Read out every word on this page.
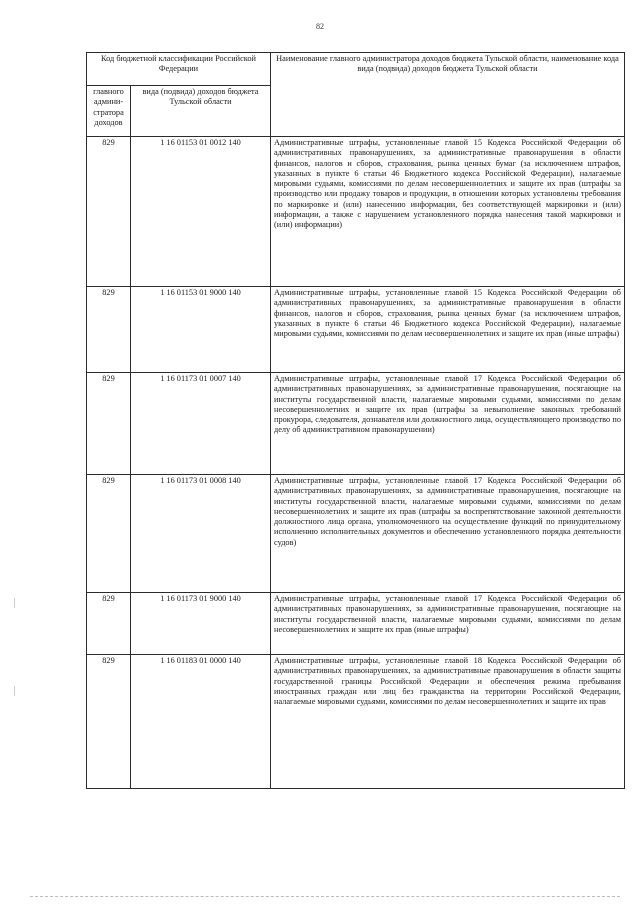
82
Код бюджетной классификации Российской Федерации		Наименование главного администратора доходов бюджета Тульской области, наименование кода вида (подвида) доходов бюджета Тульской области
главного админи-стратора доходов	вида (подвида) доходов бюджета Тульской области	
829	1 16 01153 01 0012 140	Административные штрафы, установленные главой 15 Кодекса Российской Федерации об административных правонарушениях, за административные правонарушения в области финансов, налогов и сборов, страхования, рынка ценных бумаг (за исключением штрафов, указанных в пункте 6 статьи 46 Бюджетного кодекса Российской Федерации), налагаемые мировыми судьями, комиссиями по делам несовершеннолетних и защите их прав (штрафы за производство или продажу товаров и продукции, в отношении которых установлены требования по маркировке и (или) нанесению информации, без соответствующей маркировки и (или) информации, а также с нарушением установленного порядка нанесения такой маркировки и (или) информации)
829	1 16 01153 01 9000 140	Административные штрафы, установленные главой 15 Кодекса Российской Федерации об административных правонарушениях, за административные правонарушения в области финансов, налогов и сборов, страхования, рынка ценных бумаг (за исключением штрафов, указанных в пункте 6 статьи 46 Бюджетного кодекса Российской Федерации), налагаемые мировыми судьями, комиссиями по делам несовершеннолетних и защите их прав (иные штрафы)
829	1 16 01173 01 0007 140	Административные штрафы, установленные главой 17 Кодекса Российской Федерации об административных правонарушениях, за административные правонарушения, посягающие на институты государственной власти, налагаемые мировыми судьями, комиссиями по делам несовершеннолетних и защите их прав (штрафы за невыполнение законных требований прокурора, следователя, дознавателя или должностного лица, осуществляющего производство по делу об административном правонарушении)
829	1 16 01173 01 0008 140	Административные штрафы, установленные главой 17 Кодекса Российской Федерации об административных правонарушениях, за административные правонарушения, посягающие на институты государственной власти, налагаемые мировыми судьями, комиссиями по делам несовершеннолетних и защите их прав (штрафы за воспрепятствование законной деятельности должностного лица органа, уполномоченного на осуществление функций по принудительному исполнению исполнительных документов и обеспечению установленного порядка деятельности судов)
829	1 16 01173 01 9000 140	Административные штрафы, установленные главой 17 Кодекса Российской Федерации об административных правонарушениях, за административные правонарушения, посягающие на институты государственной власти, налагаемые мировыми судьями, комиссиями по делам несовершеннолетних и защите их прав (иные штрафы)
829	1 16 01183 01 0000 140	Административные штрафы, установленные главой 18 Кодекса Российской Федерации об административных правонарушениях, за административные правонарушения в области защиты государственной границы Российской Федерации и обеспечения режима пребывания иностранных граждан или лиц без гражданства на территории Российской Федерации, налагаемые мировыми судьями, комиссиями по делам несовершеннолетних и защите их прав
